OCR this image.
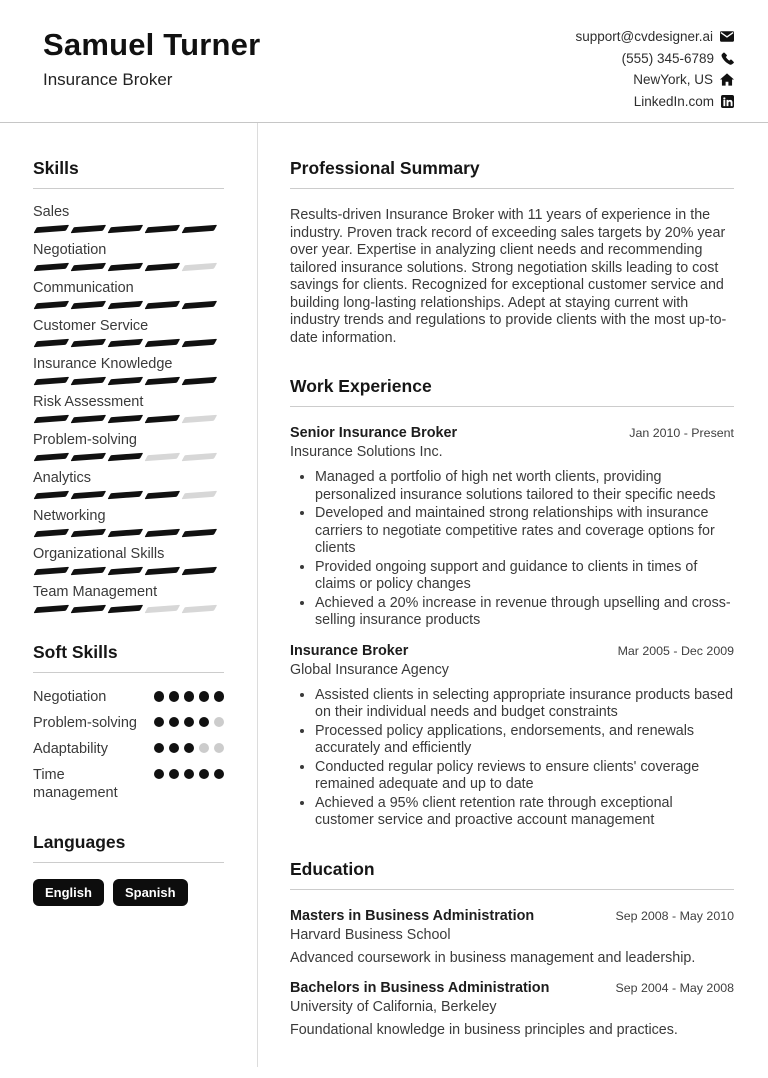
Samuel Turner
Insurance Broker
support@cvdesigner.ai
(555) 345-6789
NewYork, US
LinkedIn.com
Skills
Sales
Negotiation
Communication
Customer Service
Insurance Knowledge
Risk Assessment
Problem-solving
Analytics
Networking
Organizational Skills
Team Management
Soft Skills
Negotiation
Problem-solving
Adaptability
Time management
Languages
English	Spanish
Professional Summary

Results-driven Insurance Broker with 11 years of experience in the industry. Proven track record of exceeding sales targets by 20% year over year. Expertise in analyzing client needs and recommending tailored insurance solutions. Strong negotiation skills leading to cost savings for clients. Recognized for exceptional customer service and building long-lasting relationships. Adept at staying current with industry trends and regulations to provide clients with the most up-to-date information.

Work Experience
Senior Insurance Broker	Jan 2010 - Present
Insurance Solutions Inc.
• Managed a portfolio of high net worth clients, providing personalized insurance solutions tailored to their specific needs
• Developed and maintained strong relationships with insurance carriers to negotiate competitive rates and coverage options for clients
• Provided ongoing support and guidance to clients in times of claims or policy changes
• Achieved a 20% increase in revenue through upselling and cross-selling insurance products
Insurance Broker	Mar 2005 - Dec 2009
Global Insurance Agency
• Assisted clients in selecting appropriate insurance products based on their individual needs and budget constraints
• Processed policy applications, endorsements, and renewals accurately and efficiently
• Conducted regular policy reviews to ensure clients' coverage remained adequate and up to date
• Achieved a 95% client retention rate through exceptional customer service and proactive account management
Education
Masters in Business Administration	Sep 2008 - May 2010
Harvard Business School
Advanced coursework in business management and leadership.
Bachelors in Business Administration	Sep 2004 - May 2008
University of California, Berkeley
Foundational knowledge in business principles and practices.
